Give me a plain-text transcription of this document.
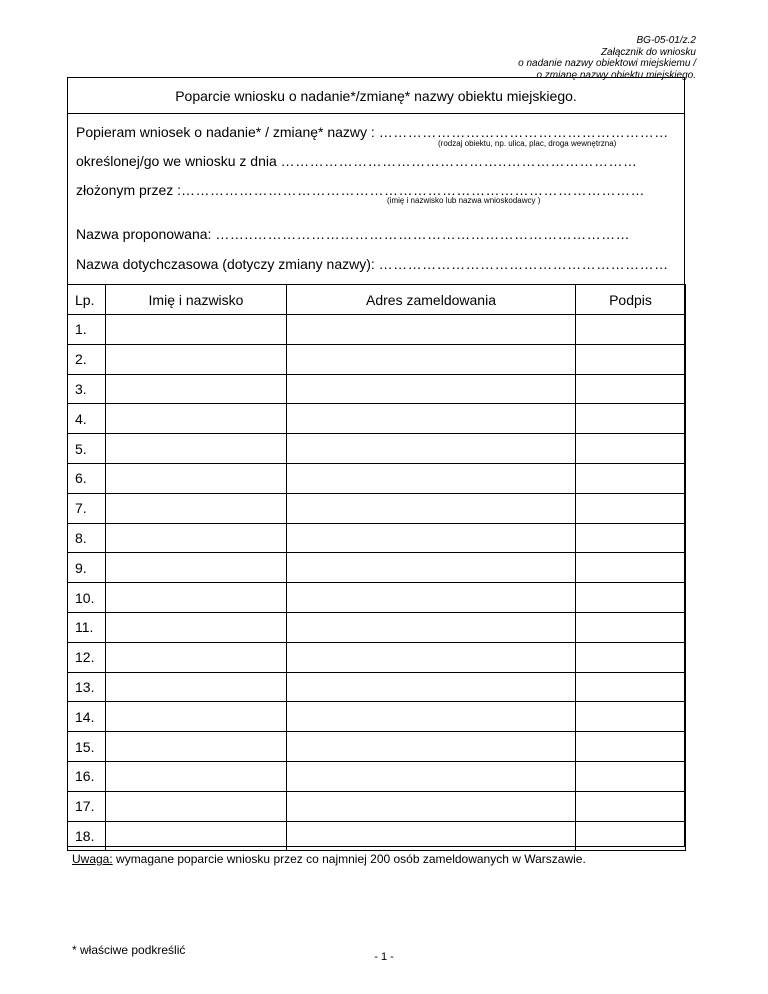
BG-05-01/z.2
Załącznik do wniosku
o nadanie nazwy obiektowi miejskiemu /
o zmianę nazwy obiektu miejskiego.
Poparcie wniosku o nadanie*/zmianę* nazwy obiektu miejskiego.
Popieram wniosek o nadanie* / zmianę* nazwy : ……………………………………………………
(rodzaj obiektu, np. ulica, plac, droga wewnętrzna)
określonej/go we wniosku z dnia ………………………………………..………………………
złożonym przez :……………………………………………………………………………………
(imię i nazwisko lub nazwa wnioskodawcy )
Nazwa proponowana: ……..……………………………………………………………………
Nazwa dotychczasowa (dotyczy zmiany nazwy): ……………………………………………………
Lp.	Imię i nazwisko	Adres zameldowania	Podpis
1.			
2.			
3.			
4.			
5.			
6.			
7.			
8.			
9.			
10.			
11.			
12.			
13.			
14.			
15.			
16.			
17.			
18.			
Uwaga: wymagane poparcie wniosku przez co najmniej 200 osób zameldowanych w Warszawie.
* właściwe podkreślić	- 1 -
